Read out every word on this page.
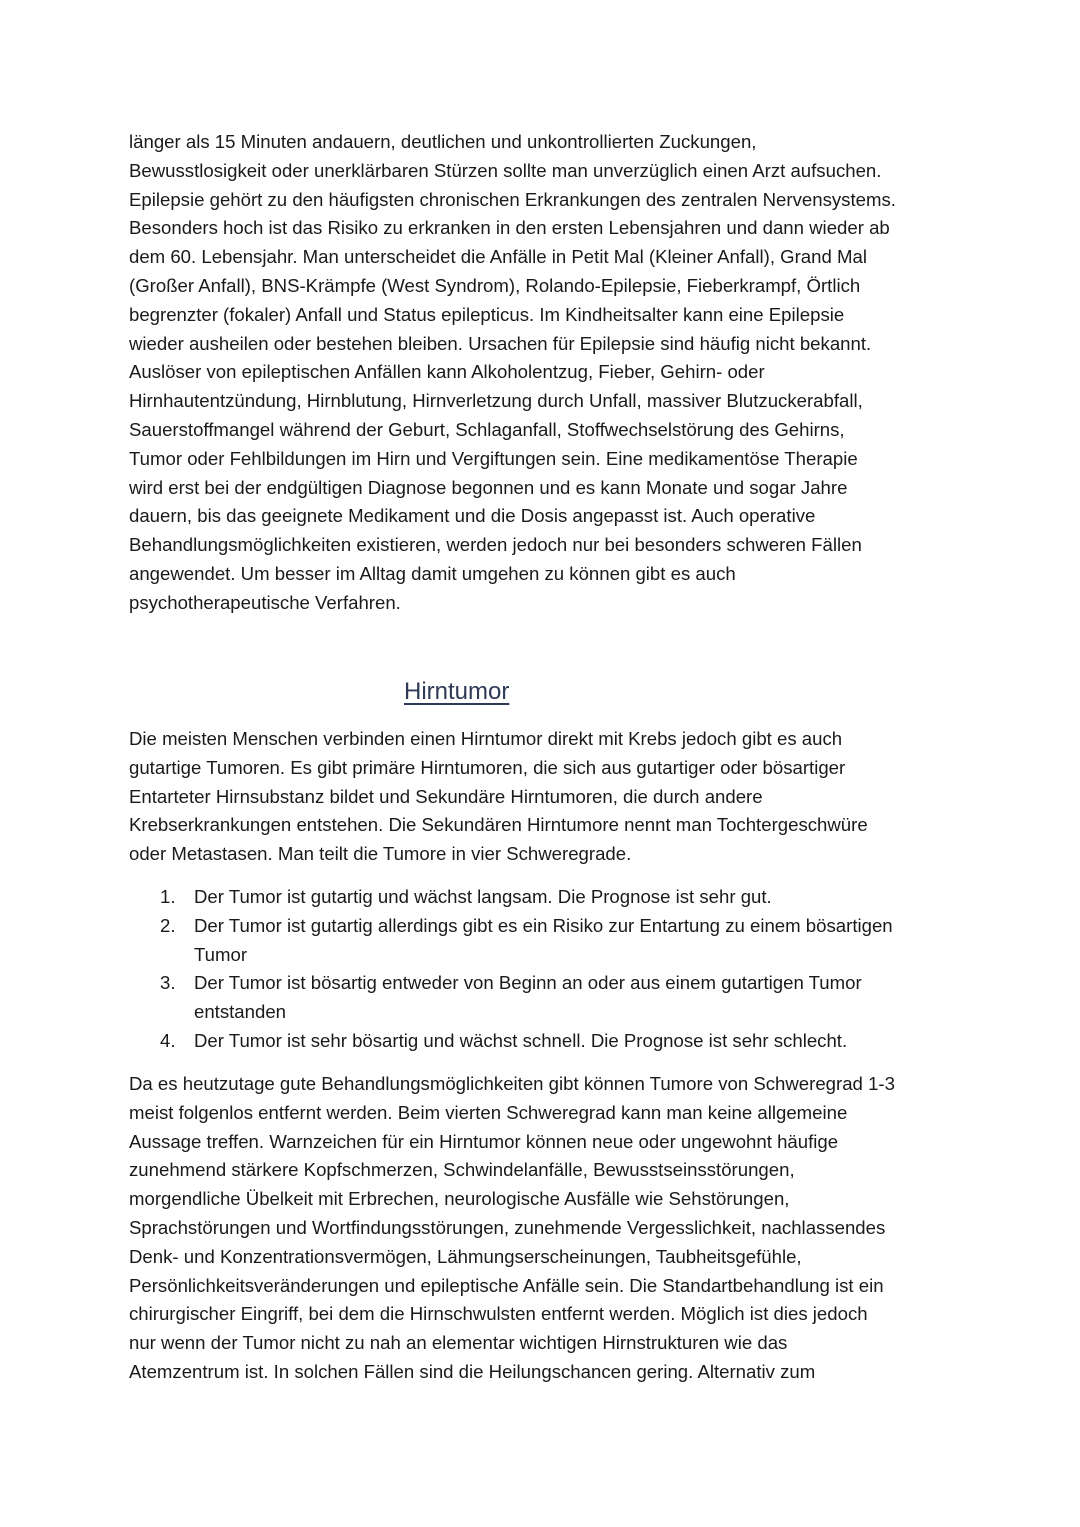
länger als 15 Minuten andauern, deutlichen und unkontrollierten Zuckungen,
Bewusstlosigkeit oder unerklärbaren Stürzen sollte man unverzüglich einen Arzt aufsuchen.
Epilepsie gehört zu den häufigsten chronischen Erkrankungen des zentralen Nervensystems.
Besonders hoch ist das Risiko zu erkranken in den ersten Lebensjahren und dann wieder ab
dem 60. Lebensjahr. Man unterscheidet die Anfälle in Petit Mal (Kleiner Anfall), Grand Mal
(Großer Anfall), BNS-Krämpfe (West Syndrom), Rolando-Epilepsie, Fieberkrampf, Örtlich
begrenzter (fokaler) Anfall und Status epilepticus. Im Kindheitsalter kann eine Epilepsie
wieder ausheilen oder bestehen bleiben. Ursachen für Epilepsie sind häufig nicht bekannt.
Auslöser von epileptischen Anfällen kann Alkoholentzug, Fieber, Gehirn- oder
Hirnhautentzündung, Hirnblutung, Hirnverletzung durch Unfall, massiver Blutzuckerabfall,
Sauerstoffmangel während der Geburt, Schlaganfall, Stoffwechselstörung des Gehirns,
Tumor oder Fehlbildungen im Hirn und Vergiftungen sein. Eine medikamentöse Therapie
wird erst bei der endgültigen Diagnose begonnen und es kann Monate und sogar Jahre
dauern, bis das geeignete Medikament und die Dosis angepasst ist. Auch operative
Behandlungsmöglichkeiten existieren, werden jedoch nur bei besonders schweren Fällen
angewendet. Um besser im Alltag damit umgehen zu können gibt es auch
psychotherapeutische Verfahren.
Hirntumor
Die meisten Menschen verbinden einen Hirntumor direkt mit Krebs jedoch gibt es auch
gutartige Tumoren. Es gibt primäre Hirntumoren, die sich aus gutartiger oder bösartiger
Entarteter Hirnsubstanz bildet und Sekundäre Hirntumoren, die durch andere
Krebserkrankungen entstehen. Die Sekundären Hirntumore nennt man Tochtergeschwüre
oder Metastasen. Man teilt die Tumore in vier Schweregrade.
1. Der Tumor ist gutartig und wächst langsam. Die Prognose ist sehr gut.
2. Der Tumor ist gutartig allerdings gibt es ein Risiko zur Entartung zu einem bösartigen
Tumor
3. Der Tumor ist bösartig entweder von Beginn an oder aus einem gutartigen Tumor
entstanden
4. Der Tumor ist sehr bösartig und wächst schnell. Die Prognose ist sehr schlecht.
Da es heutzutage gute Behandlungsmöglichkeiten gibt können Tumore von Schweregrad 1-3
meist folgenlos entfernt werden. Beim vierten Schweregrad kann man keine allgemeine
Aussage treffen. Warnzeichen für ein Hirntumor können neue oder ungewohnt häufige
zunehmend stärkere Kopfschmerzen, Schwindelanfälle, Bewusstseinsstörungen,
morgendliche Übelkeit mit Erbrechen, neurologische Ausfälle wie Sehstörungen,
Sprachstörungen und Wortfindungsstörungen, zunehmende Vergesslichkeit, nachlassendes
Denk- und Konzentrationsvermögen, Lähmungserscheinungen, Taubheitsgefühle,
Persönlichkeitsveränderungen und epileptische Anfälle sein. Die Standartbehandlung ist ein
chirurgischer Eingriff, bei dem die Hirnschwulsten entfernt werden. Möglich ist dies jedoch
nur wenn der Tumor nicht zu nah an elementar wichtigen Hirnstrukturen wie das
Atemzentrum ist. In solchen Fällen sind die Heilungschancen gering. Alternativ zum
